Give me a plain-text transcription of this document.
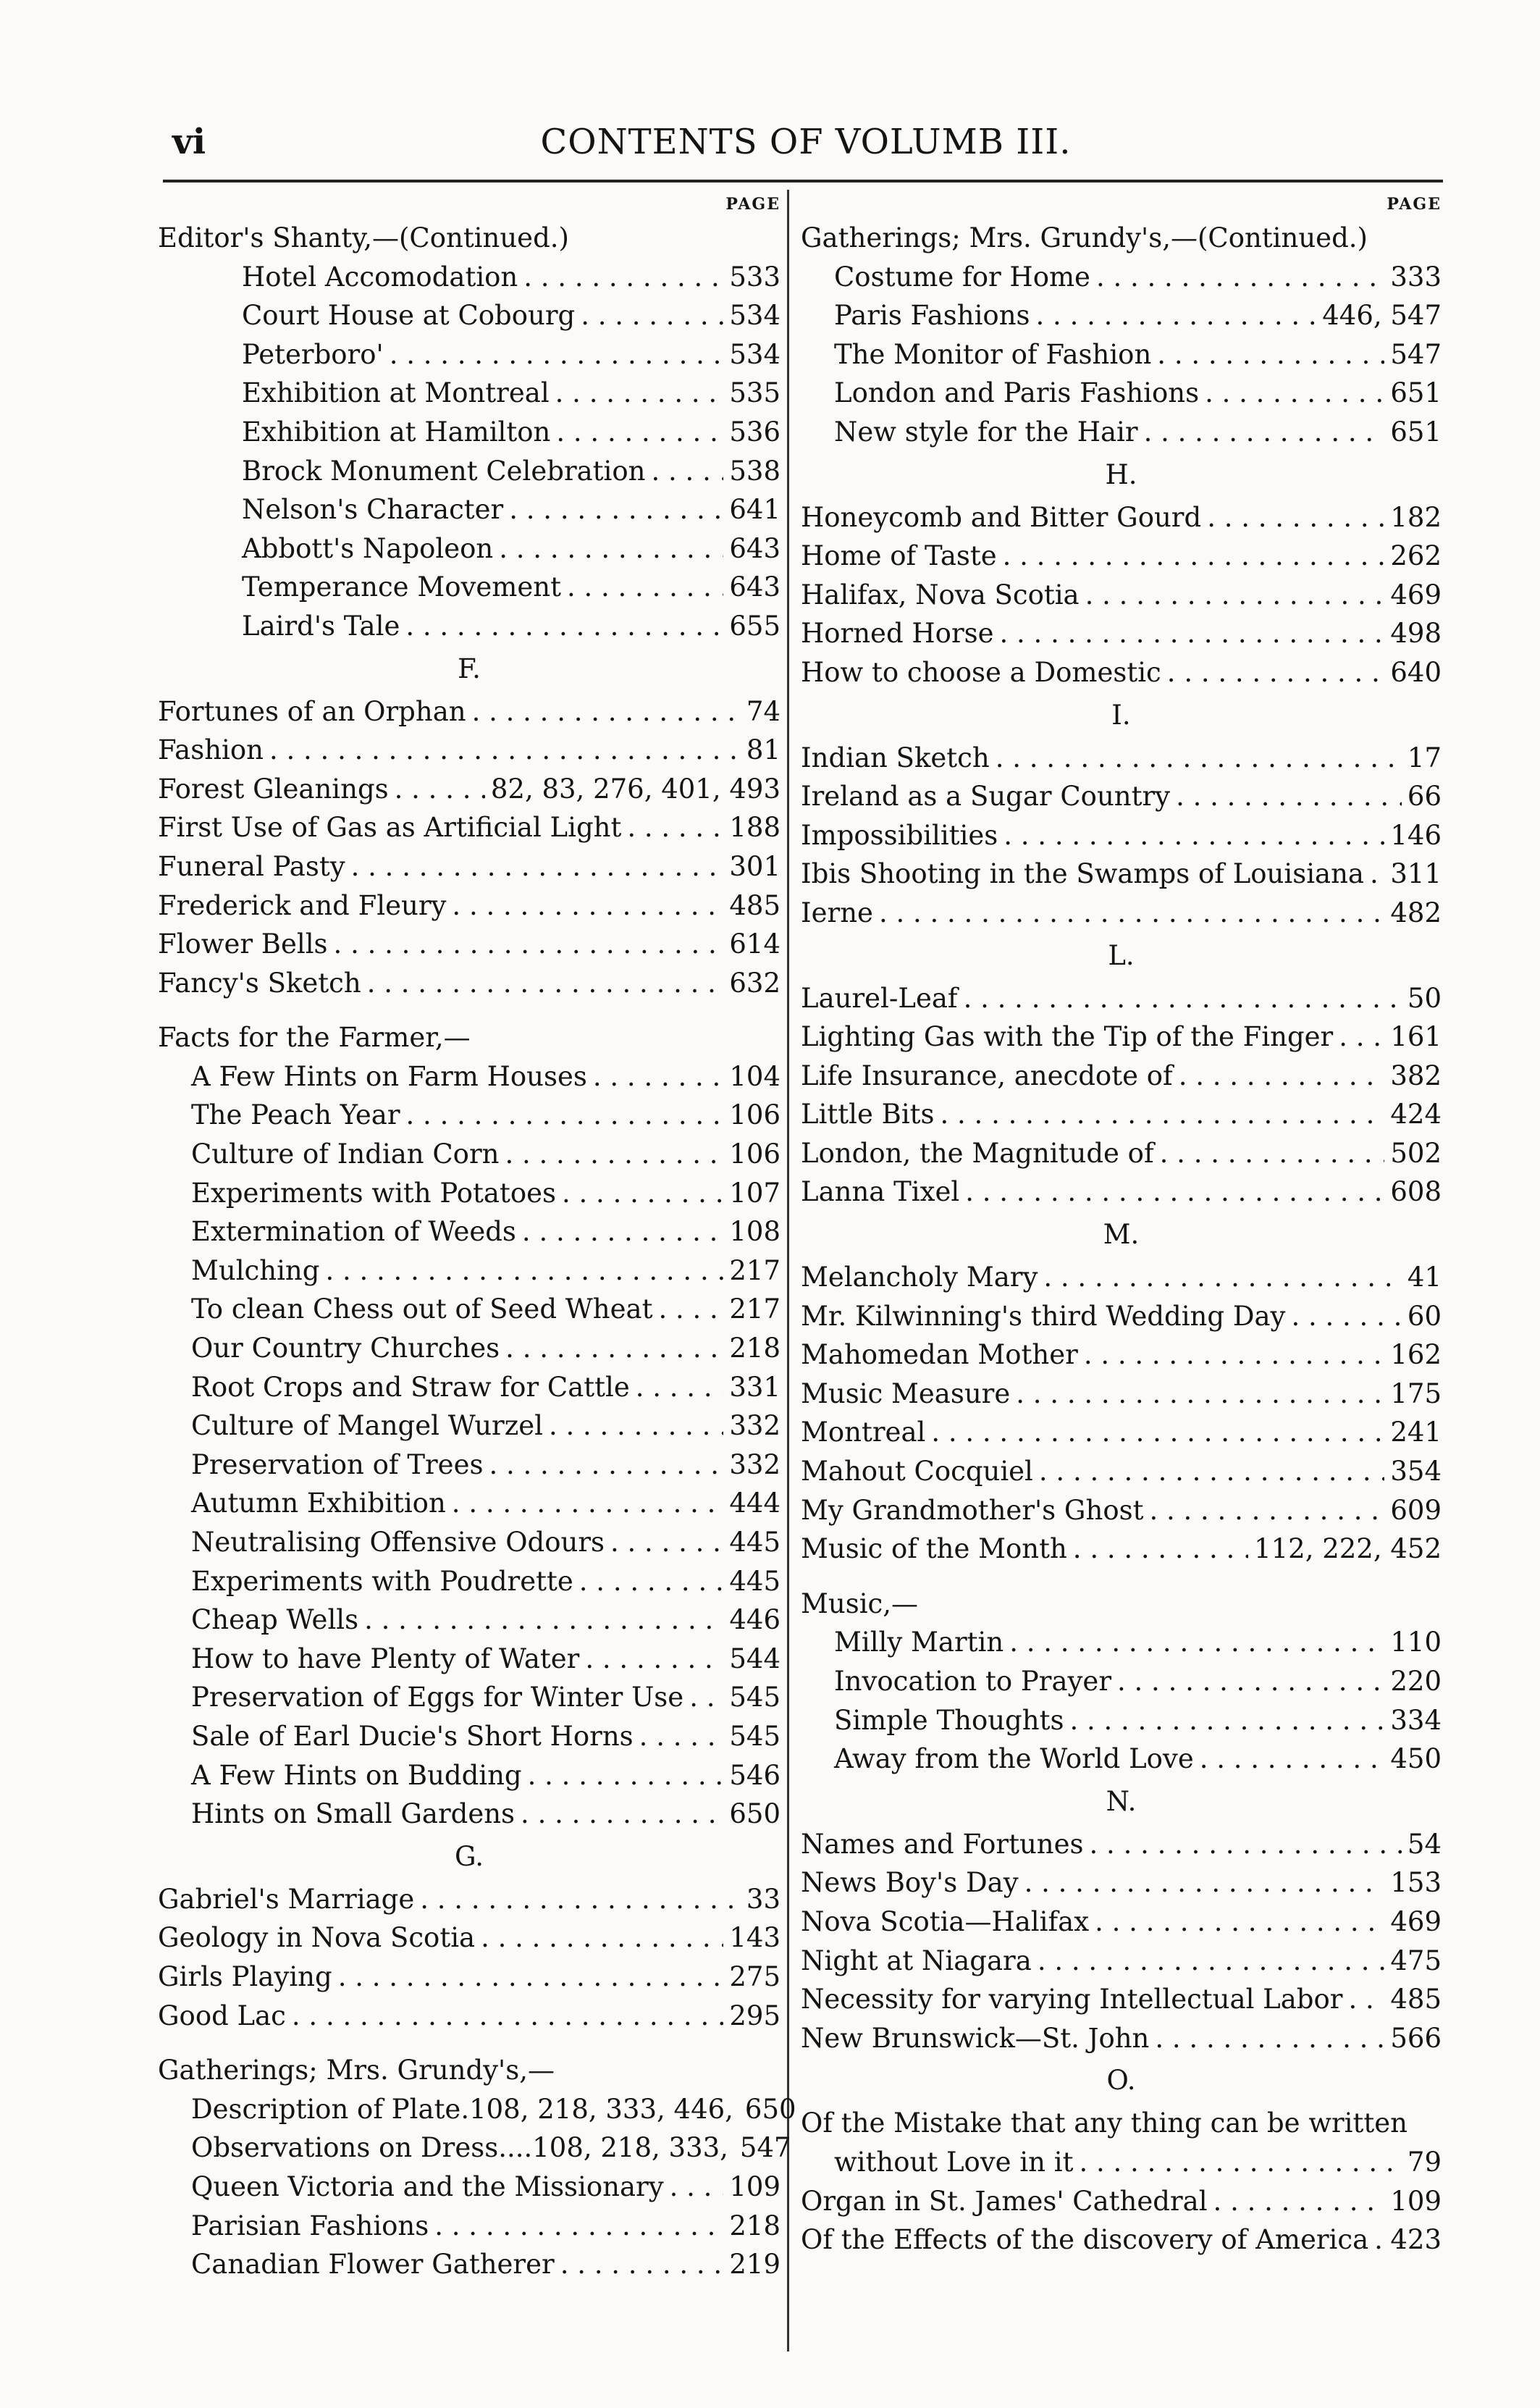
vi	CONTENTS OF VOLUMB III.
PAGE
Editor's Shanty,—(Continued.)
Hotel Accomodation . . .	533
Court House at Cobourg . . .	534
Peterboro' . . .	534
Exhibition at Montreal . . .	535
Exhibition at Hamilton . . .	536
Brock Monument Celebration . . .	538
Nelson's Character . . .	641
Abbott's Napoleon . . .	643
Temperance Movement . . .	643
Laird's Tale . . .	655
F.
Fortunes of an Orphan . . .	74
Fashion . . .	81
Forest Gleanings . . .	82, 83, 276, 401, 493
First Use of Gas as Artificial Light . . .	188
Funeral Pasty . . .	301
Frederick and Fleury . . .	485
Flower Bells . . .	614
Fancy's Sketch . . .	632
Facts for the Farmer,—
A Few Hints on Farm Houses . . .	104
The Peach Year . . .	106
Culture of Indian Corn . . .	106
Experiments with Potatoes . . .	107
Extermination of Weeds . . .	108
Mulching . . .	217
To clean Chess out of Seed Wheat . . .	217
Our Country Churches . . .	218
Root Crops and Straw for Cattle . . .	331
Culture of Mangel Wurzel . . .	332
Preservation of Trees . . .	332
Autumn Exhibition . . .	444
Neutralising Offensive Odours . . .	445
Experiments with Poudrette . . .	445
Cheap Wells . . .	446
How to have Plenty of Water . . .	544
Preservation of Eggs for Winter Use . . . 545
Sale of Earl Ducie's Short Horns . . .	545
A Few Hints on Budding . . .	546
Hints on Small Gardens . . .	650
G.
Gabriel's Marriage . . .	33
Geology in Nova Scotia . . .	143
Girls Playing . . .	275
Good Lac . . .	295
Gatherings; Mrs. Grundy's,—
Description of Plate.108, 218, 333, 446, 650
Observations on Dress....108, 218, 333, 547
Queen Victoria and the Missionary . . . 109
Parisian Fashions . . .	218
Canadian Flower Gatherer . . .	219
PAGE
Gatherings; Mrs. Grundy's,—(Continued.)
Costume for Home . . .	333
Paris Fashions . . .	446, 547
The Monitor of Fashion . . .	547
London and Paris Fashions . . .	651
New style for the Hair . . .	651
H.
Honeycomb and Bitter Gourd . . .	182
Home of Taste . . .	262
Halifax, Nova Scotia . . .	469
Horned Horse . . .	498
How to choose a Domestic . . .	640
I.
Indian Sketch . . .	17
Ireland as a Sugar Country . . .	66
Impossibilities . . .	146
Ibis Shooting in the Swamps of Louisiana . . . 311
Ierne . . .	482
L.
Laurel-Leaf . . .	50
Lighting Gas with the Tip of the Finger . . . 161
Life Insurance, anecdote of . . .	382
Little Bits . . .	424
London, the Magnitude of . . .	502
Lanna Tixel . . .	608
M.
Melancholy Mary . . .	41
Mr. Kilwinning's third Wedding Day . . .	60
Mahomedan Mother . . .	162
Music Measure . . .	175
Montreal . . .	241
Mahout Cocquiel . . .	354
My Grandmother's Ghost . . .	609
Music of the Month . . .	112, 222, 452
Music,—
Milly Martin . . .	110
Invocation to Prayer . . .	220
Simple Thoughts . . .	334
Away from the World Love . . .	450
N.
Names and Fortunes . . .	54
News Boy's Day . . .	153
Nova Scotia—Halifax . . .	469
Night at Niagara . . .	475
Necessity for varying Intellectual Labor . . . 485
New Brunswick—St. John . . .	566
O.
Of the Mistake that any thing can be written
without Love in it . . .	79
Organ in St. James' Cathedral . . .	109
Of the Effects of the discovery of America . . . 423
